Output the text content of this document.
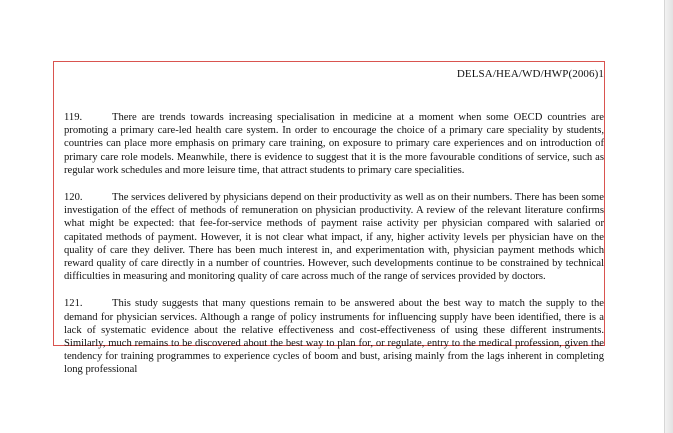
DELSA/HEA/WD/HWP(2006)1

119.	There are trends towards increasing specialisation in medicine at a moment when some OECD countries are promoting a primary care-led health care system. In order to encourage the choice of a primary care speciality by students, countries can place more emphasis on primary care training, on exposure to primary care experiences and on introduction of primary care role models. Meanwhile, there is evidence to suggest that it is the more favourable conditions of service, such as regular work schedules and more leisure time, that attract students to primary care specialities.

120.	The services delivered by physicians depend on their productivity as well as on their numbers. There has been some investigation of the effect of methods of remuneration on physician productivity. A review of the relevant literature confirms what might be expected: that fee-for-service methods of payment raise activity per physician compared with salaried or capitated methods of payment. However, it is not clear what impact, if any, higher activity levels per physician have on the quality of care they deliver. There has been much interest in, and experimentation with, physician payment methods which reward quality of care directly in a number of countries. However, such developments continue to be constrained by technical difficulties in measuring and monitoring quality of care across much of the range of services provided by doctors.

121.	This study suggests that many questions remain to be answered about the best way to match the supply to the demand for physician services. Although a range of policy instruments for influencing supply have been identified, there is a lack of systematic evidence about the relative effectiveness and cost-effectiveness of using these different instruments. Similarly, much remains to be discovered about the best way to plan for, or regulate, entry to the medical profession, given the tendency for training programmes to experience cycles of boom and bust, arising mainly from the lags inherent in completing long professional
